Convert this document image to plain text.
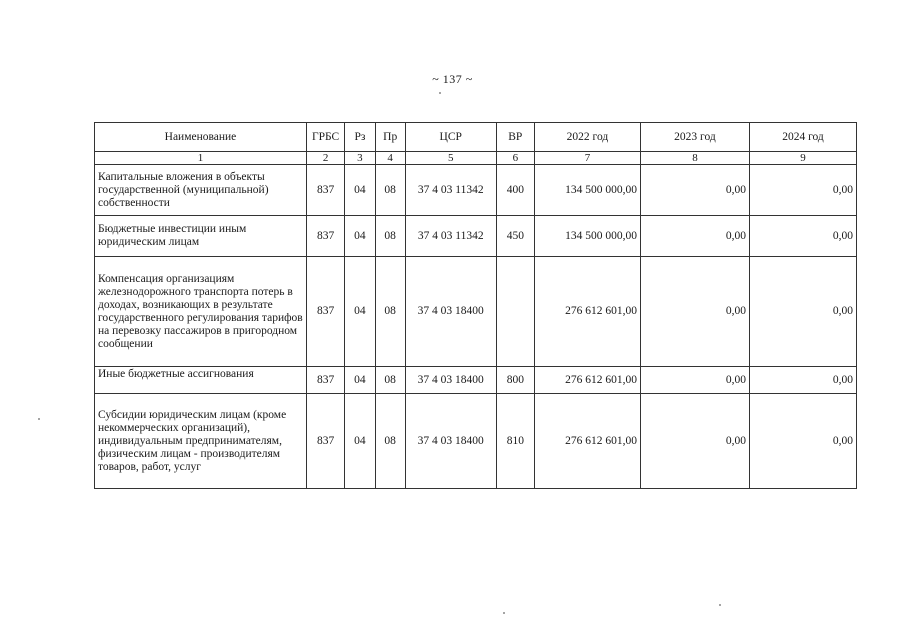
~ 137 ~
Наименование	ГРБС	Рз	Пр	ЦСР	ВР	2022 год	2023 год	2024 год
1	2	3	4	5	6	7	8	9
Капитальные вложения в объекты государственной (муниципальной) собственности	837	04	08	37 4 03 11342	400	134 500 000,00	0,00	0,00
Бюджетные инвестиции иным юридическим лицам	837	04	08	37 4 03 11342	450	134 500 000,00	0,00	0,00
Компенсация организациям железнодорожного транспорта потерь в доходах, возникающих в результате государственного регулирования тарифов на перевозку пассажиров в пригородном сообщении	837	04	08	37 4 03 18400		276 612 601,00	0,00	0,00
Иные бюджетные ассигнования	837	04	08	37 4 03 18400	800	276 612 601,00	0,00	0,00
Субсидии юридическим лицам (кроме некоммерческих организаций), индивидуальным предпринимателям, физическим лицам - производителям товаров, работ, услуг	837	04	08	37 4 03 18400	810	276 612 601,00	0,00	0,00
